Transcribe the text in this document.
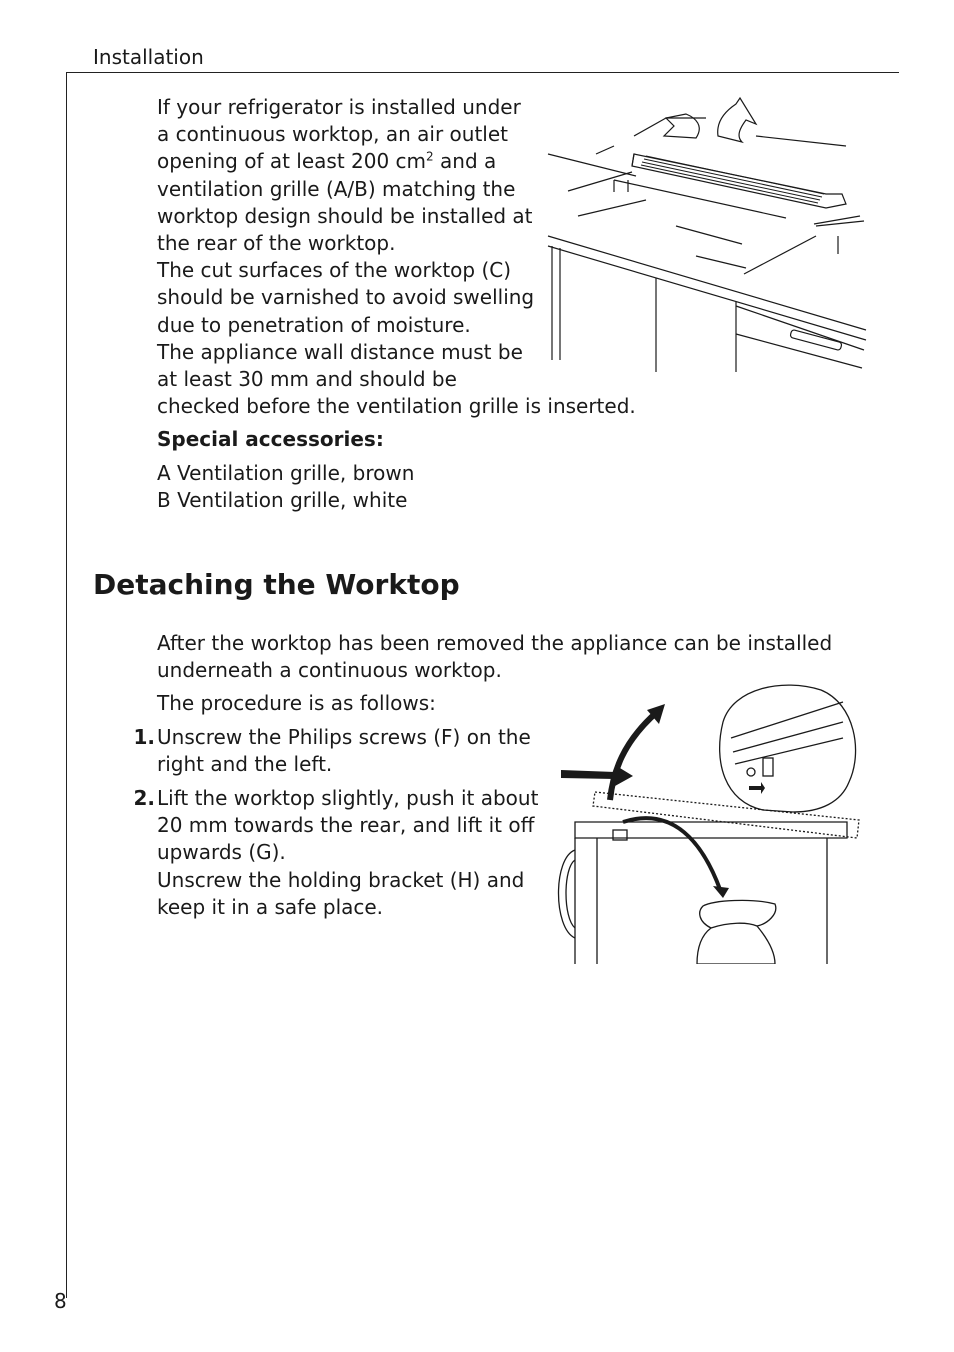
Installation
If your refrigerator is installed under
a continuous worktop, an air outlet
opening of at least 200 $cm^2$ and a
ventilation grille (A/B) matching the
worktop design should be installed at
the rear of the worktop.
The cut surfaces of the worktop (C)
should be varnished to avoid swelling
due to penetration of moisture.
The appliance wall distance must be
at least 30 mm and should be
checked before the ventilation grille is inserted.
Special accessories:
A Ventilation grille, brown
B Ventilation grille, white
Detaching the Worktop
After the worktop has been removed the appliance can be installed
underneath a continuous worktop.
The procedure is as follows:
1. Unscrew the Philips screws (F) on the
right and the left.
2. Lift the worktop slightly, push it about
20 mm towards the rear, and lift it off
upwards (G).
Unscrew the holding bracket (H) and
keep it in a safe place.
8
